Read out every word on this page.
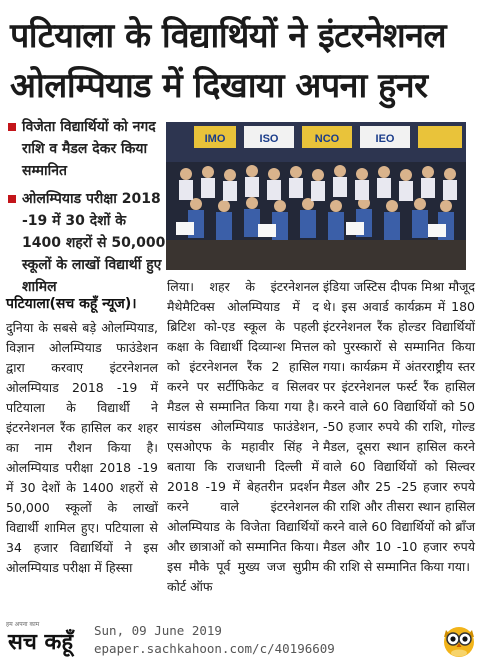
पटियाला के विद्यार्थियों ने इंटरनेशनल
ओलम्पियाड में दिखाया अपना हुनर
विजेता विद्यार्थियों को नगद राशि व मैडल देकर किया सम्मानित
ओलम्पियाड परीक्षा 2018 -19 में 30 देशों के 1400 शहरों से 50,000 स्कूलों के लाखों विद्यार्थी हुए शामिल
IMO	ISO	NCO	IEO
पटियाला(सच कहूँ न्यूज)।
दुनिया के सबसे बड़े ओलम्पियाड, विज्ञान ओलम्पियाड फाउंडेशन द्वारा करवाए इंटरनेशनल ओलम्पियाड 2018 -19 में पटियाला के विद्यार्थी ने इंटरनेशनल रैंक हासिल कर शहर का नाम रौशन किया है। ओलम्पियाड परीक्षा 2018 -19 में 30 देशों के 1400 शहरों से 50,000 स्कूलों के लाखों विद्यार्थी शामिल हुए। पटियाला से 34 हजार विद्यार्थियों ने इस ओलम्पियाड परीक्षा में हिस्सा
लिया। शहर के इंटरनेशनल मैथेमैटिक्स ओलम्पियाड में द ब्रिटिश को-एड स्कूल के पहली कक्षा के विद्यार्थी दिव्यान्श मित्तल को इंटरनेशनल रैंक 2 हासिल करने पर सर्टीफिकेट व सिलवर मैडल से सम्मानित किया गया है। सायंडस ओलम्पियाड फाउंडेशन, एसओएफ के महावीर सिंह ने बताया कि राजधानी दिल्ली में 2018 -19 में बेहतरीन प्रदर्शन करने वाले इंटरनेशनल ओलम्पियाड के विजेता विद्यार्थियों और छात्राओं को सम्मानित किया। इस मौके पूर्व मुख्य जज सुप्रीम कोर्ट ऑफ
इंडिया जस्टिस दीपक मिश्रा मौजूद थे। इस अवार्ड कार्यक्रम में 180 इंटरनेशनल रैंक होल्डर विद्यार्थियों को पुरस्कारों से सम्मानित किया गया। कार्यक्रम में अंतरराष्ट्रीय स्तर पर इंटरनेशनल फर्स्ट रैंक हासिल करने वाले 60 विद्यार्थियों को 50 -50 हजार रुपये की राशि, गोल्ड मैडल, दूसरा स्थान हासिल करने वाले 60 विद्यार्थियों को सिल्वर मैडल और 25 -25 हजार रुपये की राशि और तीसरा स्थान हासिल करने वाले 60 विद्यार्थियों को ब्रॉंज मैडल और 10 -10 हजार रुपये की राशि से सम्मानित किया गया।
हम अपना काम
सच कहूँ Sun, 09 June 2019
epaper.sachkahoon.com/c/40196609
